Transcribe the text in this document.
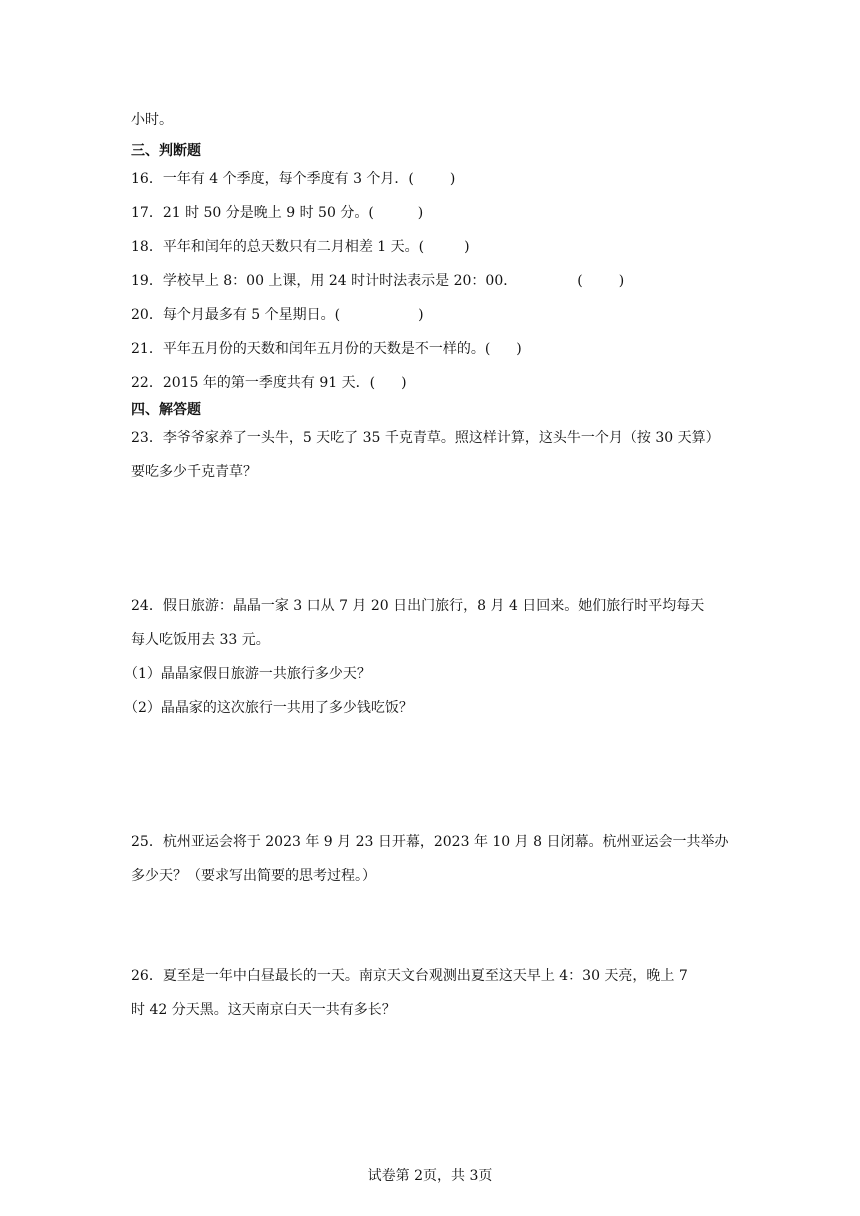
小时。
三、判断题
16．一年有 4 个季度，每个季度有 3 个月．(	)
17．21 时 50 分是晚上 9 时 50 分。(	)
18．平年和闰年的总天数只有二月相差 1 天。(	)
19．学校早上 8：00 上课，用 24 时计时法表示是 20：00．	(	)
20．每个月最多有 5 个星期日。(	)
21．平年五月份的天数和闰年五月份的天数是不一样的。( )
22．2015 年的第一季度共有 91 天．( )
四、解答题
23．李爷爷家养了一头牛，5 天吃了 35 千克青草。照这样计算，这头牛一个月（按 30 天算）
要吃多少千克青草？
24．假日旅游：晶晶一家 3 口从 7 月 20 日出门旅行，8 月 4 日回来。她们旅行时平均每天
每人吃饭用去 33 元。
（1）晶晶家假日旅游一共旅行多少天？
（2）晶晶家的这次旅行一共用了多少钱吃饭？
25．杭州亚运会将于 2023 年 9 月 23 日开幕，2023 年 10 月 8 日闭幕。杭州亚运会一共举办
多少天？（要求写出简要的思考过程。）
26．夏至是一年中白昼最长的一天。南京天文台观测出夏至这天早上 4：30 天亮，晚上 7
时 42 分天黑。这天南京白天一共有多长？
试卷第 2页，共 3页
